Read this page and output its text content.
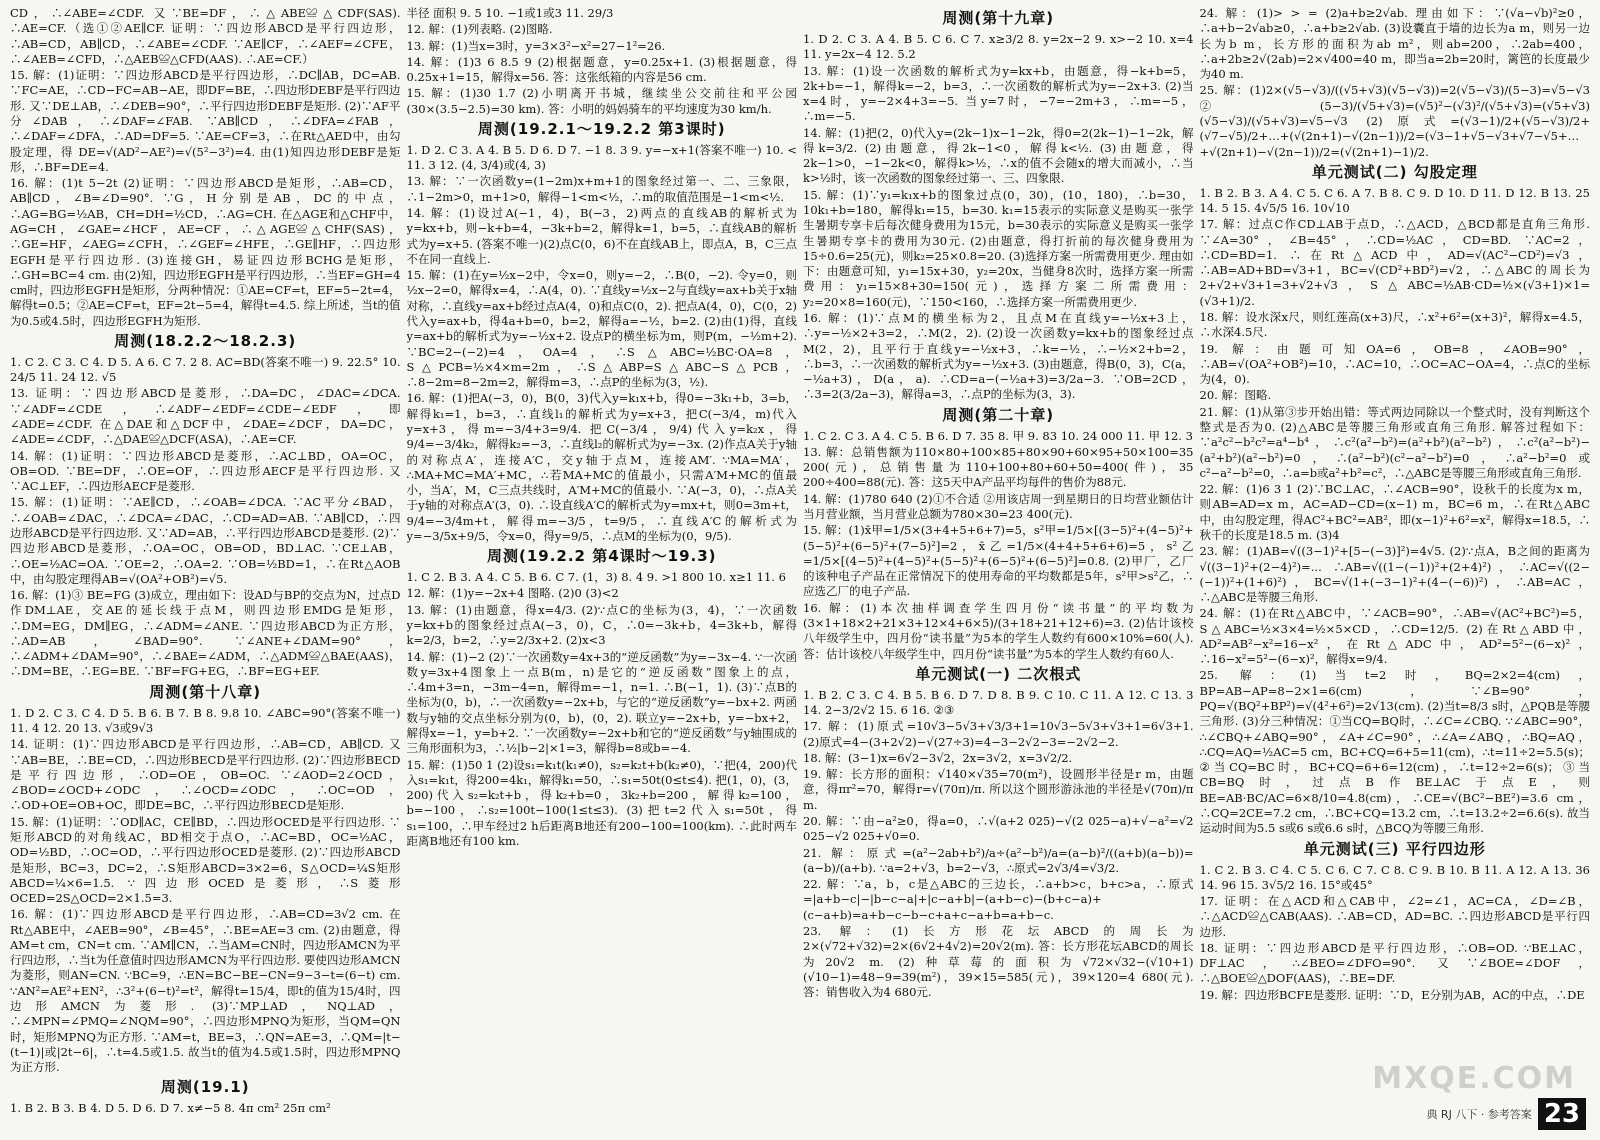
CD，∴∠ABE=∠CDF. 又∵BE=DF，∴△ABE≌△CDF(SAS). ∴AE=CF.（选①②AE∥CF. 证明：∵四边形ABCD是平行四边形，∴AB=CD，AB∥CD，∴∠ABE=∠CDF. ∵AE∥CF，∴∠AEF=∠CFE，∴∠AEB=∠CFD，∴△AEB≌△CFD(AAS). ∴AE=CF.）

15. 解：(1)证明：∵四边形ABCD是平行四边形，∴DC∥AB，DC=AB. ∵FC=AE，∴CD−FC=AB−AE，即DF=BE，∴四边形DEBF是平行四边形. 又∵DE⊥AB，∴∠DEB=90°，∴平行四边形DEBF是矩形. (2)∵AF平分∠DAB，∴∠DAF=∠FAB. ∵AB∥CD，∴∠DFA=∠FAB，∴∠DAF=∠DFA，∴AD=DF=5. ∵AE=CF=3，∴在Rt△AED中，由勾股定理，得 DE=√(AD²−AE²)=√(5²−3²)=4. 由(1)知四边形DEBF是矩形，∴BF=DE=4.

16. 解：(1)t 5−2t (2)证明：∵四边形ABCD是矩形，∴AB=CD，AB∥CD，∠B=∠D=90°. ∵G，H分别是AB，DC的中点，∴AG=BG=½AB，CH=DH=½CD，∴AG=CH. 在△AGE和△CHF中，AG=CH，∠GAE=∠HCF，AE=CF，∴△AGE≌△CHF(SAS)，∴GE=HF，∠AEG=∠CFH，∴∠GEF=∠HFE，∴GE∥HF，∴四边形EGFH是平行四边形. (3)连接GH，易证四边形BCHG是矩形，∴GH=BC=4 cm. 由(2)知，四边形EGFH是平行四边形，∴当EF=GH=4 cm时，四边形EGFH是矩形，分两种情况：①AE=CF=t，EF=5−2t=4，解得t=0.5；②AE=CF=t，EF=2t−5=4，解得t=4.5. 综上所述，当t的值为0.5或4.5时，四边形EGFH为矩形.

周测(18.2.2～18.2.3)

1. C 2. C 3. C 4. D 5. A 6. C 7. 2 8. AC=BD(答案不唯一) 9. 22.5° 10. 24/5 11. 24 12. √5

13. 证明：∵四边形ABCD是菱形，∴DA=DC，∠DAC=∠DCA. ∵∠ADF=∠CDE，∴∠ADF−∠EDF=∠CDE−∠EDF，即∠ADE=∠CDF. 在△DAE和△DCF中，∠DAE=∠DCF，DA=DC，∠ADE=∠CDF，∴△DAE≌△DCF(ASA)，∴AE=CF.

14. 解：(1)证明：∵四边形ABCD是菱形，∴AC⊥BD，OA=OC，OB=OD. ∵BE=DF，∴OE=OF，∴四边形AECF是平行四边形. 又∵AC⊥EF，∴四边形AECF是菱形.

15. 解：(1)证明：∵AE∥CD，∴∠OAB=∠DCA. ∵AC平分∠BAD，∴∠OAB=∠DAC，∴∠DCA=∠DAC，∴CD=AD=AB. ∵AB∥CD，∴四边形ABCD是平行四边形. 又∵AD=AB，∴平行四边形ABCD是菱形. (2)∵四边形ABCD是菱形，∴OA=OC，OB=OD，BD⊥AC. ∵CE⊥AB，∴OE=½AC=OA. ∵OE=2，∴OA=2. ∵OB=½BD=1，∴在Rt△AOB中，由勾股定理得AB=√(OA²+OB²)=√5.

16. 解：(1)③ BE=FG (3)成立，理由如下：设AD与BP的交点为N，过点D作DM⊥AE，交AE的延长线于点M，则四边形EMDG是矩形，∴DM=EG，DM∥EG，∴∠ADM=∠ANE. ∵四边形ABCD为正方形，∴AD=AB，∠BAD=90°. ∵∠ANE+∠DAM=90°，∴∠ADM+∠DAM=90°，∴∠BAE=∠ADM，∴△ADM≌△BAE(AAS)，∴DM=BE，∴EG=BE. ∵BF=FG+EG，∴BF=EG+EF.

周测(第十八章)

1. D 2. C 3. C 4. D 5. B 6. B 7. B 8. 9.8 10. ∠ABC=90°(答案不唯一) 11. 4 12. 20 13. √3或9√3

14. 证明：(1)∵四边形ABCD是平行四边形，∴AB=CD，AB∥CD. 又∵AB=BE，∴BE=CD，∴四边形BECD是平行四边形. (2)∵四边形BECD是平行四边形，∴OD=OE，OB=OC. ∵∠AOD=2∠OCD，∠BOD=∠OCD+∠ODC，∴∠OCD=∠ODC，∴OC=OD，∴OD+OE=OB+OC，即DE=BC，∴平行四边形BECD是矩形.

15. 解：(1)证明：∵OD∥AC，CE∥BD，∴四边形OCED是平行四边形. ∵矩形ABCD的对角线AC，BD相交于点O，∴AC=BD，OC=½AC，OD=½BD，∴OC=OD，∴平行四边形OCED是菱形. (2)∵四边形ABCD是矩形，BC=3，DC=2，∴S矩形ABCD=3×2=6，S△OCD=¼S矩形ABCD=¼×6=1.5. ∵四边形OCED是菱形，∴S菱形OCED=2S△OCD=2×1.5=3.

16. 解：(1)∵四边形ABCD是平行四边形，∴AB=CD=3√2 cm. 在Rt△ABE中，∠AEB=90°，∠B=45°，∴BE=AE=3 cm. (2)由题意，得AM=t cm，CN=t cm. ∵AM∥CN，∴当AM=CN时，四边形AMCN为平行四边形，∴当t为任意值时四边形AMCN为平行四边形. 要使四边形AMCN为菱形，则AN=CN. ∵BC=9，∴EN=BC−BE−CN=9−3−t=(6−t) cm. ∵AN²=AE²+EN²，∴3²+(6−t)²=t²，解得t=15/4，即t的值为15/4时，四边形AMCN为菱形. (3)∵MP⊥AD，NQ⊥AD，∴∠MPN=∠PMQ=∠NQM=90°，∴四边形MPNQ为矩形，当QM=QN时，矩形MPNQ为正方形. ∵AM=t，BE=3，∴QN=AE=3，∴QM=|t−(t−1)|或|2t−6|，∴t=4.5或1.5. 故当t的值为4.5或1.5时，四边形MPNQ为正方形.

周测(19.1)

1. B 2. B 3. B 4. D 5. D 6. D 7. x≠−5 8. 4π cm² 25π cm²

半径 面积 9. 5 10. −1或1或3 11. 29/3

12. 解：(1)列表略. (2)图略.

13. 解：(1)当x=3时，y=3×3²−x²=27−1²=26.

14. 解：(1)3 6 8.5 9 (2)根据题意，y=0.25x+1. (3)根据题意，得0.25x+1=15，解得x=56. 答：这张纸箱的内容是56 cm.

15. 解：(1)30 1.7 (2)小明离开书城，继续坐公交前往和平公园(30×(3.5−2.5)=30 km). 答：小明的妈妈骑车的平均速度为30 km/h.

周测(19.2.1～19.2.2 第3课时)

1. D 2. C 3. A 4. B 5. D 6. D 7. −1 8. 3 9. y=−x+1(答案不唯一) 10. < 11. 3 12. (4, 3/4)或(4, 3)

13. 解：∵一次函数y=(1−2m)x+m+1的图象经过第一、二、三象限，∴1−2m>0，m+1>0，解得−1<m<½，∴m的取值范围是−1<m<½.

14. 解：(1)设过A(−1，4)，B(−3，2)两点的直线AB的解析式为y=kx+b，则−k+b=4，−3k+b=2，解得k=1，b=5，∴直线AB的解析式为y=x+5. (答案不唯一)(2)点C(0，6)不在直线AB上，即点A，B，C三点不在同一直线上.

15. 解：(1)在y=½x−2中，令x=0，则y=−2，∴B(0，−2). 令y=0，则½x−2=0，解得x=4，∴A(4，0). ∵直线y=½x−2与直线y=ax+b关于x轴对称，∴直线y=ax+b经过点A(4，0)和点C(0，2). 把点A(4，0)，C(0，2)代入y=ax+b，得4a+b=0，b=2，解得a=−½，b=2. (2)由(1)得，直线y=ax+b的解析式为y=−½x+2. 设点P的横坐标为m，则P(m，−½m+2). ∵BC=2−(−2)=4，OA=4，∴S△ABC=½BC·OA=8，S△PCB=½×4×m=2m，∴S△ABP=S△ABC−S△PCB，∴8−2m=8−2m=2，解得m=3，∴点P的坐标为(3，½).

16. 解：(1)把A(−3，0)，B(0，3)代入y=k₁x+b，得0=−3k₁+b，3=b，解得k₁=1，b=3，∴直线l₁的解析式为y=x+3，把C(−3/4，m)代入y=x+3，得m=−3/4+3=9/4. 把C(−3/4，9/4)代入y=k₂x，得9/4=−3/4k₂，解得k₂=−3，∴直线l₂的解析式为y=−3x. (2)作点A关于y轴的对称点A′，连接A′C，交y轴于点M，连接AM′. ∵MA=MA′，∴MA+MC=MA′+MC，∴若MA+MC的值最小，只需A′M+MC的值最小，当A′，M，C三点共线时，A′M+MC的值最小. ∵A(−3，0)，∴点A关于y轴的对称点A′(3，0). ∴设直线A′C的解析式为y=mx+t，则0=3m+t，9/4=−3/4m+t，解得m=−3/5，t=9/5，∴直线A′C的解析式为y=−3/5x+9/5，令x=0，得y=9/5，∴点M的坐标为(0，9/5).

周测(19.2.2 第4课时～19.3)

1. C 2. B 3. A 4. C 5. B 6. C 7. (1，3) 8. 4 9. >1 800 10. x≥1 11. 6

12. 解：(1)y=−2x+4 图略. (2)0 (3)<2

13. 解：(1)由题意，得x=4/3. (2)∵点C的坐标为(3，4)，∵一次函数y=kx+b的图象经过点A(−3，0)，C，∴0=−3k+b，4=3k+b，解得k=2/3，b=2，∴y=2/3x+2. (2)x<3

14. 解：(1)−2 (2)∵一次函数y=4x+3的“逆反函数”为y=−3x−4. ∵一次函数y=3x+4图象上一点B(m，n)是它的“逆反函数”图象上的点，∴4m+3=n，−3m−4=n，解得m=−1，n=1. ∴B(−1，1). (3)∵点B的坐标为(0，b)，∴一次函数y=−2x+b，与它的“逆反函数”y=−bx+2. 两函数与y轴的交点坐标分别为(0，b)，(0，2). 联立y=−2x+b，y=−bx+2，解得x=−1，y=b+2. ∵一次函数y=−2x+b和它的“逆反函数”与y轴围成的三角形面积为3，∴½|b−2|×1=3，解得b=8或b=−4.

15. 解：(1)50 1 (2)设s₁=k₁t(k₁≠0)，s₂=k₂t+b(k₂≠0)，∵把(4，200)代入s₁=k₁t，得200=4k₁，解得k₁=50，∴s₁=50t(0≤t≤4). 把(1，0)，(3，200)代入s₂=k₂t+b，得k₂+b=0，3k₂+b=200，解得k₂=100，b=−100，∴s₂=100t−100(1≤t≤3). (3)把t=2代入s₁=50t，得s₁=100，∴甲车经过2 h后距离B地还有200−100=100(km). ∴此时两车距离B地还有100 km.

周测(第十九章)

1. D 2. C 3. A 4. B 5. C 6. C 7. x≥3/2 8. y=2x−2 9. x>−2 10. x=4 11. y=2x−4 12. 5.2

13. 解：(1)设一次函数的解析式为y=kx+b，由题意，得−k+b=5，2k+b=−1，解得k=−2，b=3，∴一次函数的解析式为y=−2x+3. (2)当x=4时，y=−2×4+3=−5. 当y=7时，−7=−2m+3，∴m=−5，∴m=−5.

14. 解：(1)把(2，0)代入y=(2k−1)x−1−2k，得0=2(2k−1)−1−2k，解得k=3/2. (2)由题意，得2k−1<0，解得k<½. (3)由题意，得2k−1>0，−1−2k<0，解得k>½，∴x的值不会随x的增大而减小，∴当k>½时，该一次函数的图象经过第一、三、四象限.

15. 解：(1)∵y₁=k₁x+b的图象过点(0，30)，(10，180)，∴b=30，10k₁+b=180，解得k₁=15，b=30. k₁=15表示的实际意义是购买一张学生暑期专享卡后每次健身费用为15元，b=30表示的实际意义是购买一张学生暑期专享卡的费用为30元. (2)由题意，得打折前的每次健身费用为15÷0.6=25(元)，则k₂=25×0.8=20. (3)选择方案一所需费用更少. 理由如下：由题意可知，y₁=15x+30，y₂=20x，当健身8次时，选择方案一所需费用：y₁=15×8+30=150(元)，选择方案二所需费用：y₂=20×8=160(元)，∵150<160，∴选择方案一所需费用更少.

16. 解：(1)∵点M的横坐标为2，且点M在直线y=−½x+3上，∴y=−½×2+3=2，∴M(2，2). (2)设一次函数y=kx+b的图象经过点M(2，2)，且平行于直线y=−½x+3，∴k=−½，∴−½×2+b=2，∴b=3，∴一次函数的解析式为y=−½x+3. (3)由题意，得B(0，3)，C(a，−½a+3)，D(a，a). ∴CD=a−(−½a+3)=3/2a−3. ∵OB=2CD，∴3=2(3/2a−3)，解得a=3，∴点P的坐标为(3，3).

周测(第二十章)

1. C 2. C 3. A 4. C 5. B 6. D 7. 35 8. 甲 9. 83 10. 24 000 11. 甲 12. 3

13. 解：总销售额为110×80+100×85+80×90+60×95+50×100=35 200(元)，总销售量为110+100+80+60+50=400(件)，35 200÷400=88(元). 答：这5天中A产品平均每件的售价为88元.

14. 解：(1)780 640 (2)①不合适 ②用该店周一到星期日的日均营业额估计当月营业额，当月营业总额为780×30=23 400(元).

15. 解：(1)x̄甲=1/5×(3+4+5+6+7)=5，s²甲=1/5×[(3−5)²+(4−5)²+(5−5)²+(6−5)²+(7−5)²]=2，x̄乙=1/5×(4+4+5+6+6)=5，s²乙=1/5×[(4−5)²+(4−5)²+(5−5)²+(6−5)²+(6−5)²]=0.8. (2)甲厂，乙厂的该种电子产品在正常情况下的使用寿命的平均数都是5年，s²甲>s²乙，∴应选乙厂的电子产品.

16. 解：(1)本次抽样调查学生四月份“读书量”的平均数为(3×1+18×2+21×3+12×4+6×5)/(3+18+21+12+6)=3. (2)估计该校八年级学生中，四月份“读书量”为5本的学生人数约有600×10%=60(人). 答：估计该校八年级学生中，四月份“读书量”为5本的学生人数约有60人.

单元测试(一) 二次根式

1. B 2. C 3. C 4. B 5. B 6. D 7. D 8. B 9. C 10. C 11. A 12. C 13. 3 14. 2−3/2√2 15. 6 16. ②③

17. 解：(1)原式=10√3−5√3+√3/3+1=10√3−5√3+√3+1=6√3+1. (2)原式=4−(3+2√2)−√(27÷3)=4−3−2√2−3=−2√2−2.

18. 解：(3−1)x=6√2−3√2，2x=3√2，x=3√2/2.

19. 解：长方形的面积：√140×√35=70(m²)，设圆形半径是r m，由题意，得πr²=70，解得r=√(70π)/π. 所以这个圆形游泳池的半径是√(70π)/π m.

20. 解：∵由−a²≥0，得a=0，∴√(a+2 025)−√(2 025−a)+√−a²=√2 025−√2 025+√0=0.

21. 解：原式=(a²−2ab+b²)/a÷(a²−b²)/a=(a−b)²/((a+b)(a−b))=(a−b)/(a+b). ∵a=2+√3，b=2−√3，∴原式=2√3/4=√3/2.

22. 解：∵a，b，c是△ABC的三边长，∴a+b>c，b+c>a，∴原式=|a+b−c|−|b−c−a|+|c−a+b|−(a+b−c)−(b+c−a)+(c−a+b)=a+b−c−b−c+a+c−a+b=a+b−c.

23. 解：(1)长方形花坛ABCD的周长为2×(√72+√32)=2×(6√2+4√2)=20√2(m). 答：长方形花坛ABCD的周长为20√2 m. (2)种草莓的面积为√72×√32−(√10+1)(√10−1)=48−9=39(m²)，39×15=585(元)，39×120=4 680(元). 答：销售收入为4 680元.

24. 解：(1)> > = (2)a+b≥2√ab. 理由如下：∵(√a−√b)²≥0，∴a+b−2√ab≥0，∴a+b≥2√ab. (3)设囊直于墙的边长为a m，则另一边长为b m，长方形的面积为ab m²，则ab=200，∴2ab=400，∴a+2b≥2√(2ab)=2×√400=40 m，即当a=2b=20时，篱笆的长度最少为40 m.

25. 解：(1)2×(√5−√3)/((√5+√3)(√5−√3))=2(√5−√3)/(5−3)=√5−√3 ②(5−3)/(√5+√3)=(√5)²−(√3)²/(√5+√3)=(√5+√3)(√5−√3)/(√5+√3)=√5−√3 (2)原式=(√3−1)/2+(√5−√3)/2+(√7−√5)/2+…+(√(2n+1)−√(2n−1))/2=(√3−1+√5−√3+√7−√5+…+√(2n+1)−√(2n−1))/2=(√(2n+1)−1)/2.

单元测试(二) 勾股定理

1. B 2. B 3. A 4. C 5. C 6. A 7. B 8. C 9. D 10. D 11. D 12. B 13. 25 14. 5 15. 4√5/5 16. 10√10

17. 解：过点C作CD⊥AB于点D，∴△ACD，△BCD都是直角三角形. ∵∠A=30°，∠B=45°，∴CD=½AC，CD=BD. ∵AC=2，∴CD=BD=1. ∴在Rt△ACD中，AD=√(AC²−CD²)=√3，∴AB=AD+BD=√3+1，BC=√(CD²+BD²)=√2，∴△ABC的周长为2+√2+√3+1=3+√2+√3，S△ABC=½AB·CD=½×(√3+1)×1=(√3+1)/2.

18. 解：设水深x尺，则红莲高(x+3)尺，∴x²+6²=(x+3)²，解得x=4.5，∴水深4.5尺.

19. 解：由题可知OA=6，OB=8，∠AOB=90°，∴AB=√(OA²+OB²)=10，∴AC=10，∴OC=AC−OA=4，∴点C的坐标为(4，0).

20. 解：图略.

21. 解：(1)从第③步开始出错：等式两边同除以一个整式时，没有判断这个整式是否为0. (2)△ABC是等腰三角形或直角三角形. 解答过程如下：∵a²c²−b²c²=a⁴−b⁴，∴c²(a²−b²)=(a²+b²)(a²−b²)，∴c²(a²−b²)−(a²+b²)(a²−b²)=0，∴(a²−b²)(c²−a²−b²)=0，∴a²−b²=0或c²−a²−b²=0，∴a=b或a²+b²=c²，∴△ABC是等腰三角形或直角三角形.

22. 解：(1)6 3 1 (2)∵BC⊥AC，∴∠ACB=90°，设秋千的长度为x m，则AB=AD=x m，AC=AD−CD=(x−1) m，BC=6 m，∴在Rt△ABC中，由勾股定理，得AC²+BC²=AB²，即(x−1)²+6²=x²，解得x=18.5，∴秋千的长度是18.5 m. (3)4

23. 解：(1)AB=√((3−1)²+[5−(−3)]²)=4√5. (2)∵点A，B之间的距离为√((3−1)²+(2−4)²)=... ∴AB=√((1−(−1))²+(2+4)²)，∴AC=√((2−(−1))²+(1+6)²)，BC=√(1+(−3−1)²+(4−(−6))²)，∴AB=AC，∴△ABC是等腰三角形.

24. 解：(1)在Rt△ABC中，∵∠ACB=90°，∴AB=√(AC²+BC²)=5，S△ABC=½×3×4=½×5×CD，∴CD=12/5. (2)在Rt△ABD中，AD²=AB²−x²=16−x²，在Rt△ADC中，AD²=5²−(6−x)²，∴16−x²=5²−(6−x)²，解得x=9/4.

25. 解：(1)当t=2时，BQ=2×2=4(cm)，BP=AB−AP=8−2×1=6(cm)，∵∠B=90°，PQ=√(BQ²+BP²)=√(4²+6²)=2√13(cm). (2)当t=8/3 s时，△PQB是等腰三角形. (3)分三种情况：①当CQ=BQ时，∴∠C=∠CBQ. ∵∠ABC=90°，∴∠CBQ+∠ABQ=90°，∠A+∠C=90°，∴∠A=∠ABQ，∴BQ=AQ，∴CQ=AQ=½AC=5 cm，BC+CQ=6+5=11(cm)，∴t=11÷2=5.5(s)；②当CQ=BC时，BC+CQ=6+6=12(cm)，∴t=12÷2=6(s)；③当CB=BQ时，过点B作BE⊥AC于点E，则BE=AB·BC/AC=6×8/10=4.8(cm)，∴CE=√(BC²−BE²)=3.6 cm，∴CQ=2CE=7.2 cm，∴BC+CQ=13.2 cm，∴t=13.2÷2=6.6(s). 故当运动时间为5.5 s或6 s或6.6 s时，△BCQ为等腰三角形.

单元测试(三) 平行四边形

1. C 2. B 3. C 4. C 5. C 6. C 7. C 8. C 9. B 10. B 11. A 12. A 13. 36 14. 96 15. 3√5/2 16. 15°或45°

17. 证明：在△ACD和△CAB中，∠2=∠1，AC=CA，∠D=∠B，∴△ACD≌△CAB(AAS). ∴AB=CD，AD=BC. ∴四边形ABCD是平行四边形.

18. 证明：∵四边形ABCD是平行四边形，∴OB=OD. ∵BE⊥AC，DF⊥AC，∴∠BEO=∠DFO=90°. 又∵∠BOE=∠DOF，∴△BOE≌△DOF(AAS)，∴BE=DF.

19. 解：四边形BCFE是菱形. 证明：∵D，E分别为AB，AC的中点，∴DE

MXQE.COM
典 RJ 八下 · 参考答案 23
